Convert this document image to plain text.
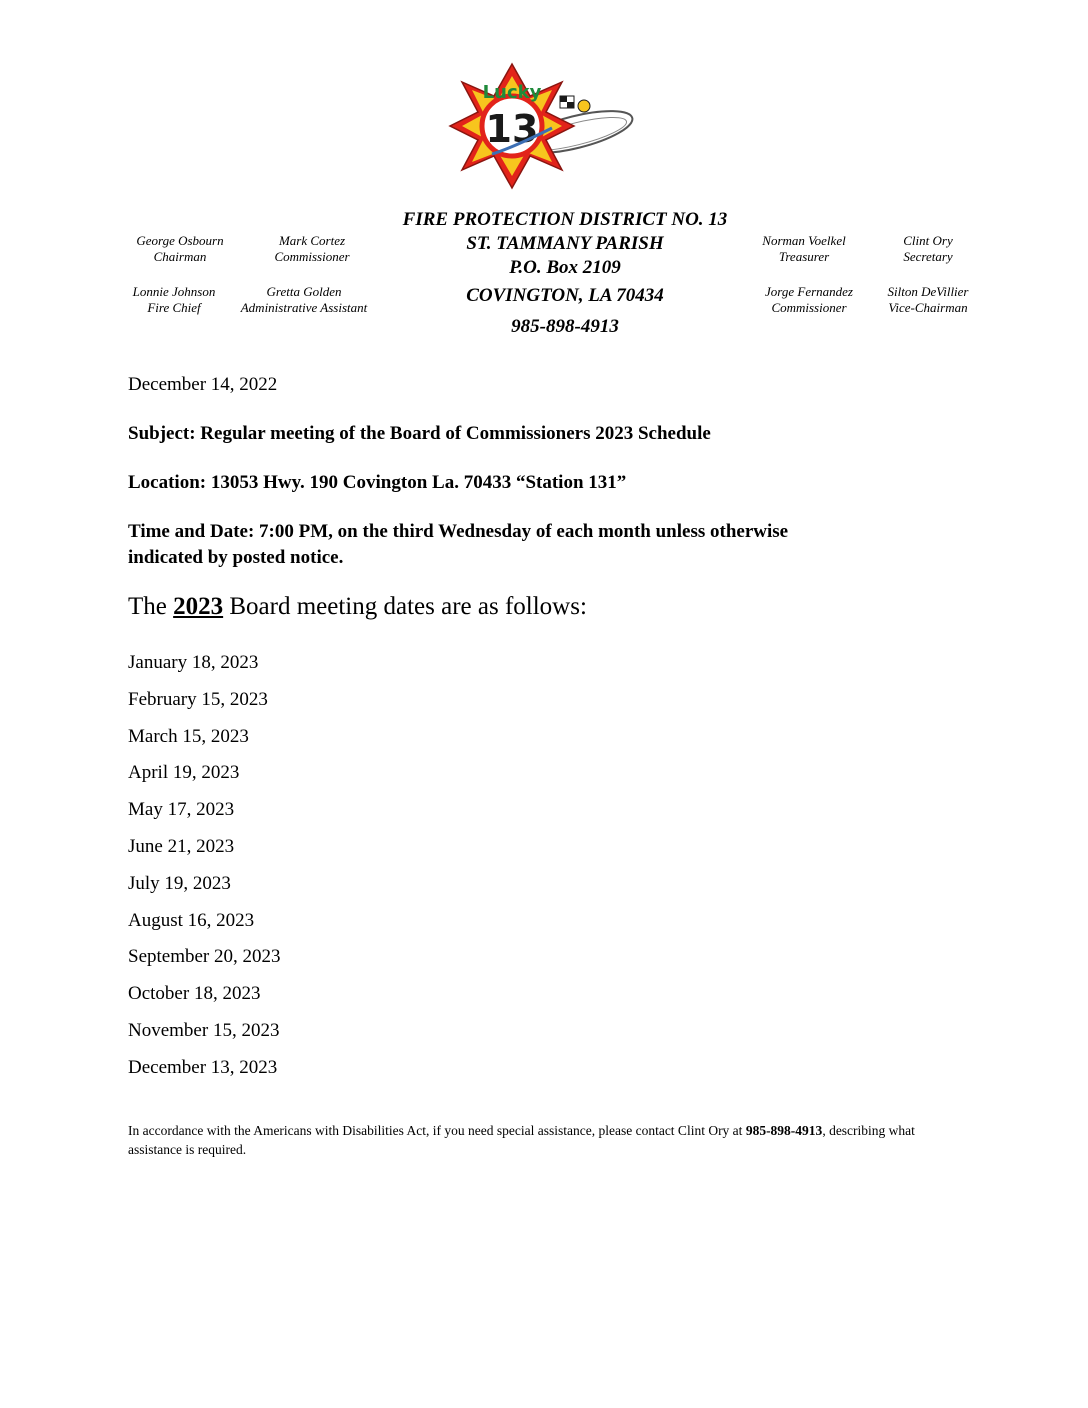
13
Lucky
FIRE PROTECTION DISTRICT NO. 13
ST. TAMMANY PARISH
P.O. Box 2109
COVINGTON, LA 70434
985-898-4913
George Osbourn
Chairman
Mark Cortez
Commissioner
Lonnie Johnson
Fire Chief
Gretta Golden
Administrative Assistant
Norman Voelkel
Treasurer
Clint Ory
Secretary
Jorge Fernandez
Commissioner
Silton DeVillier
Vice-Chairman
December 14, 2022
Subject: Regular meeting of the Board of Commissioners 2023 Schedule
Location: 13053 Hwy. 190 Covington La. 70433 “Station 131”
Time and Date: 7:00 PM, on the third Wednesday of each month unless otherwise
indicated by posted notice.
The 2023 Board meeting dates are as follows:
January 18, 2023
February 15, 2023
March 15, 2023
April 19, 2023
May 17, 2023
June 21, 2023
July 19, 2023
August 16, 2023
September 20, 2023
October 18, 2023
November 15, 2023
December 13, 2023
In accordance with the Americans with Disabilities Act, if you need special assistance, please contact Clint Ory at 985-898-4913, describing what assistance is required.
